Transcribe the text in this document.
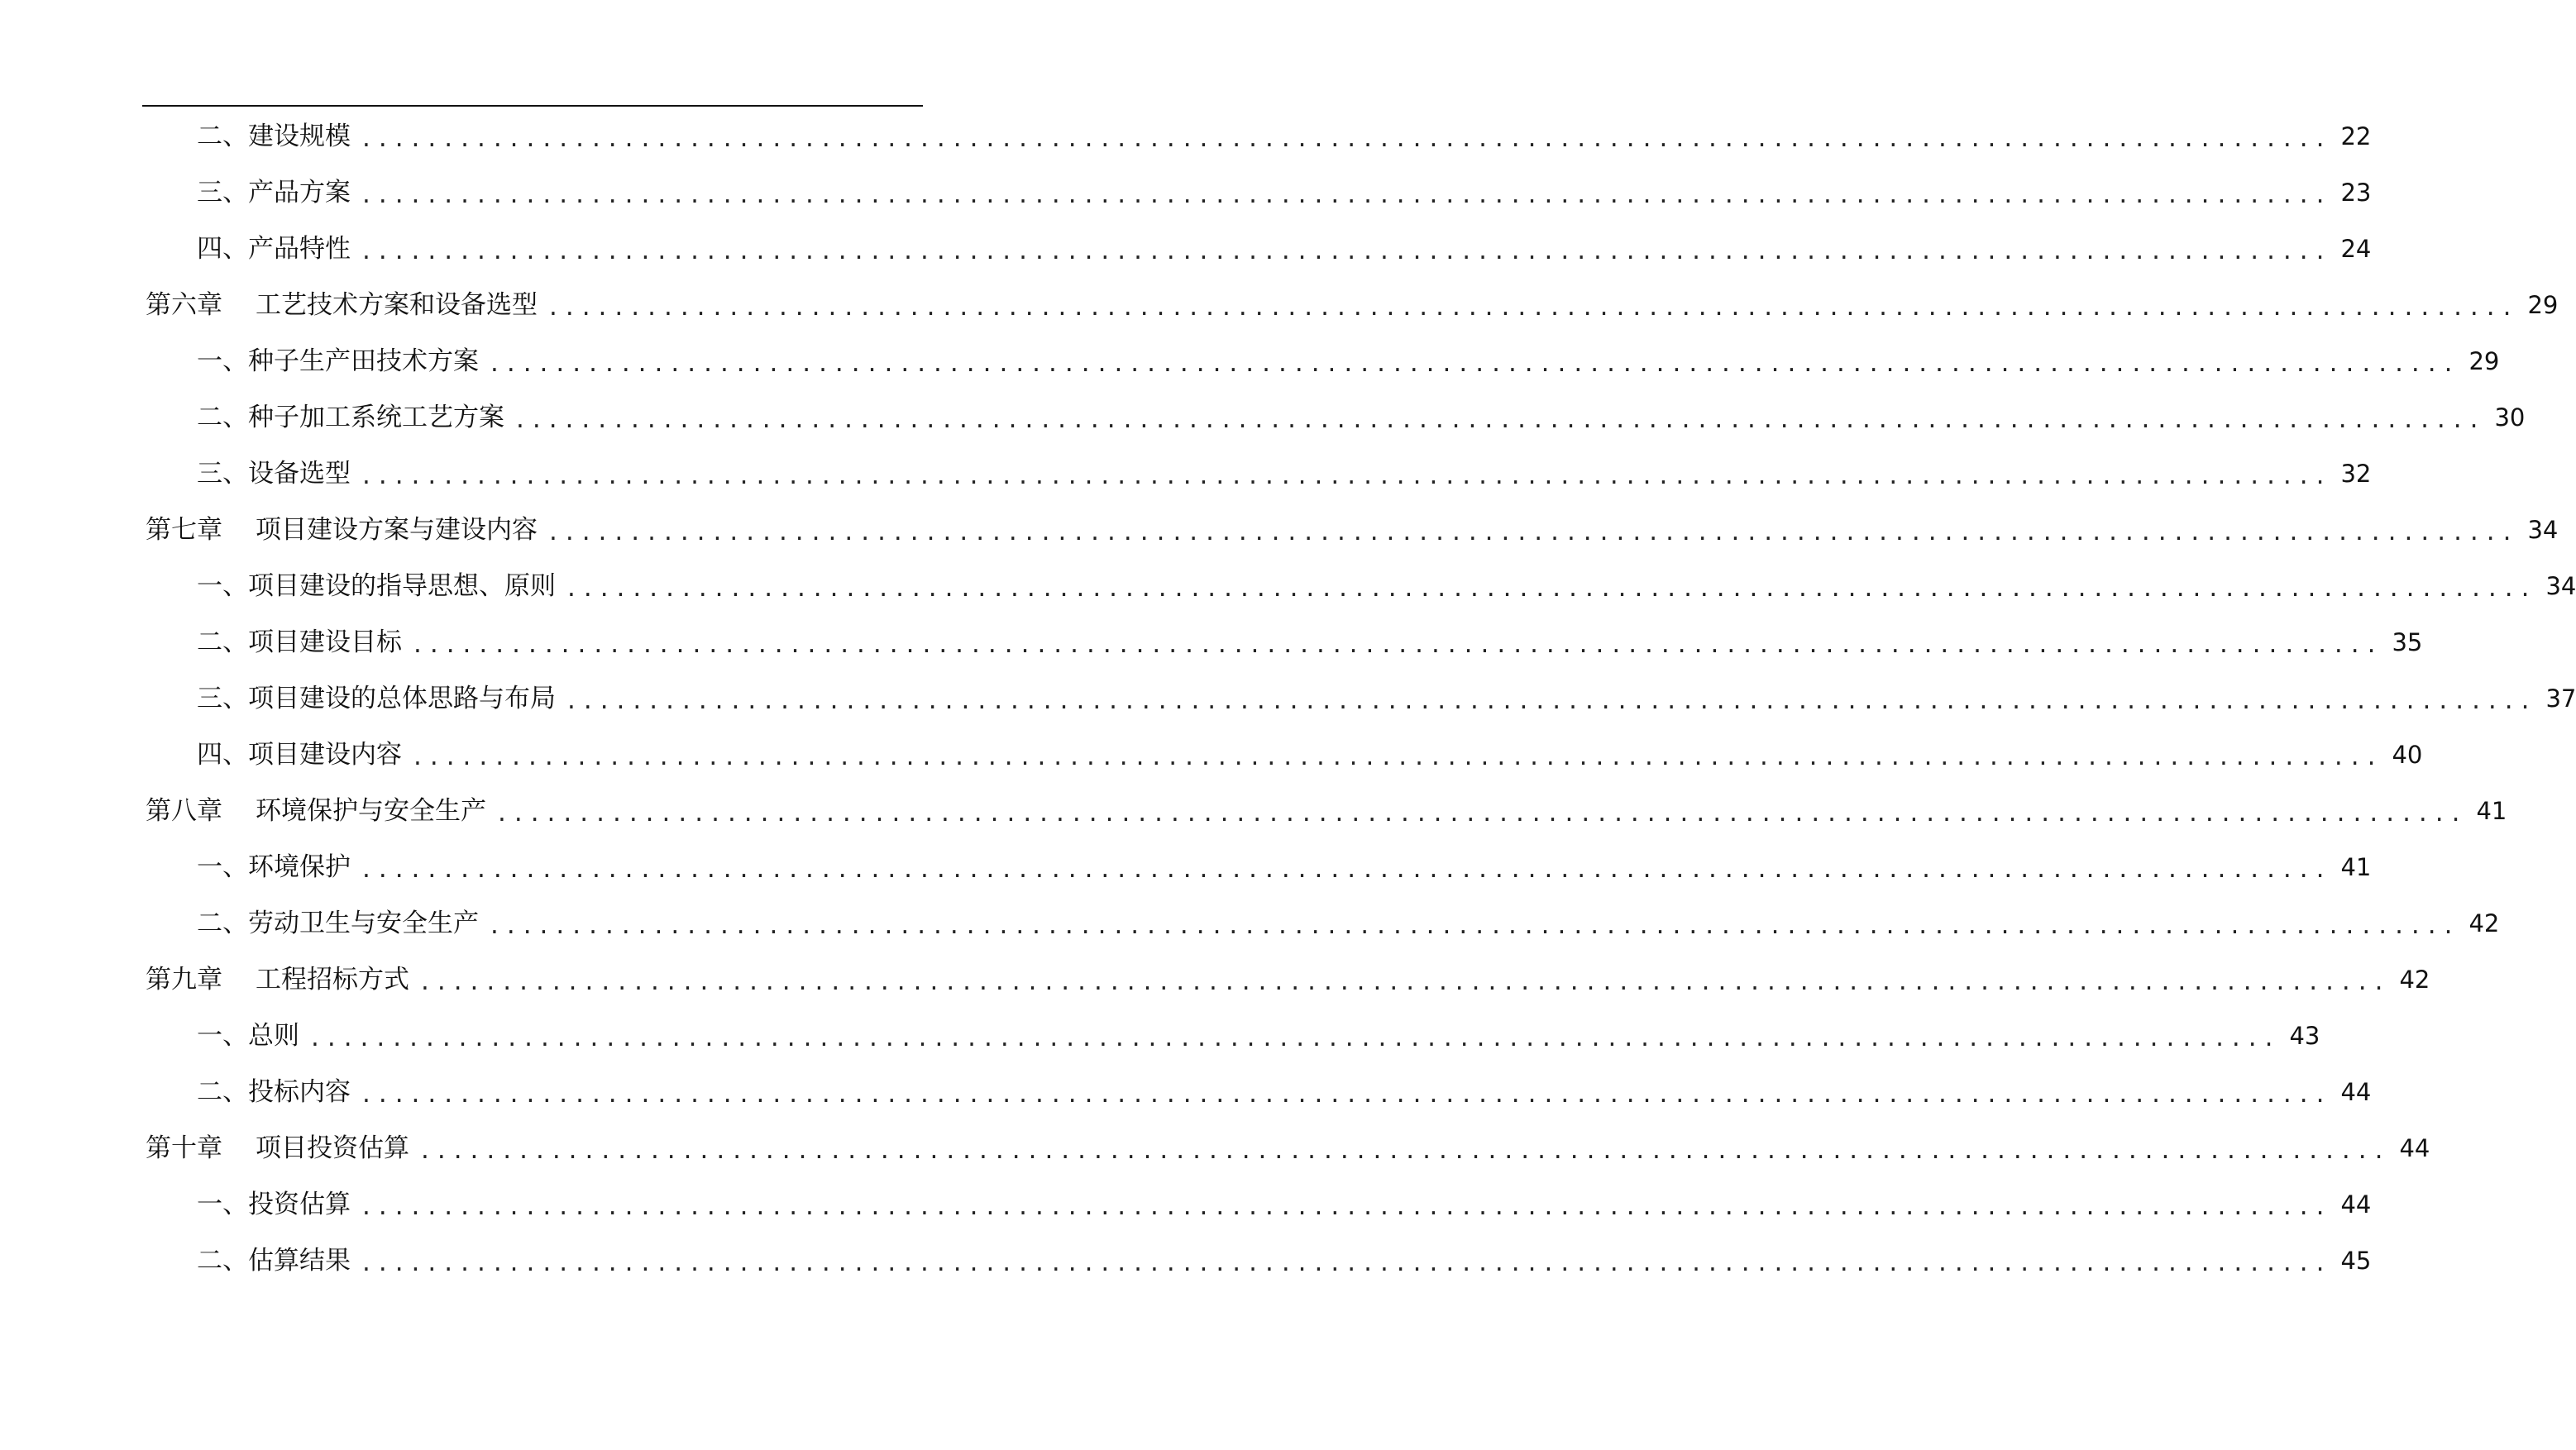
二、建设规模 ........................................................................................................................ 22
三、产品方案 ........................................................................................................................ 23
四、产品特性 ........................................................................................................................ 24
第六章	工艺技术方案和设备选型 ........................................................................................................................ 29
一、种子生产田技术方案 ........................................................................................................................ 29
二、种子加工系统工艺方案 ........................................................................................................................ 30
三、设备选型 ........................................................................................................................ 32
第七章	项目建设方案与建设内容 ........................................................................................................................ 34
一、项目建设的指导思想、原则 ........................................................................................................................ 34
二、项目建设目标 ........................................................................................................................ 35
三、项目建设的总体思路与布局 ........................................................................................................................ 37
四、项目建设内容 ........................................................................................................................ 40
第八章	环境保护与安全生产 ........................................................................................................................ 41
一、环境保护 ........................................................................................................................ 41
二、劳动卫生与安全生产 ........................................................................................................................ 42
第九章	工程招标方式 ........................................................................................................................ 42
一、总则 ........................................................................................................................ 43
二、投标内容 ........................................................................................................................ 44
第十章	项目投资估算 ........................................................................................................................ 44
一、投资估算 ........................................................................................................................ 44
二、估算结果 ........................................................................................................................ 45
